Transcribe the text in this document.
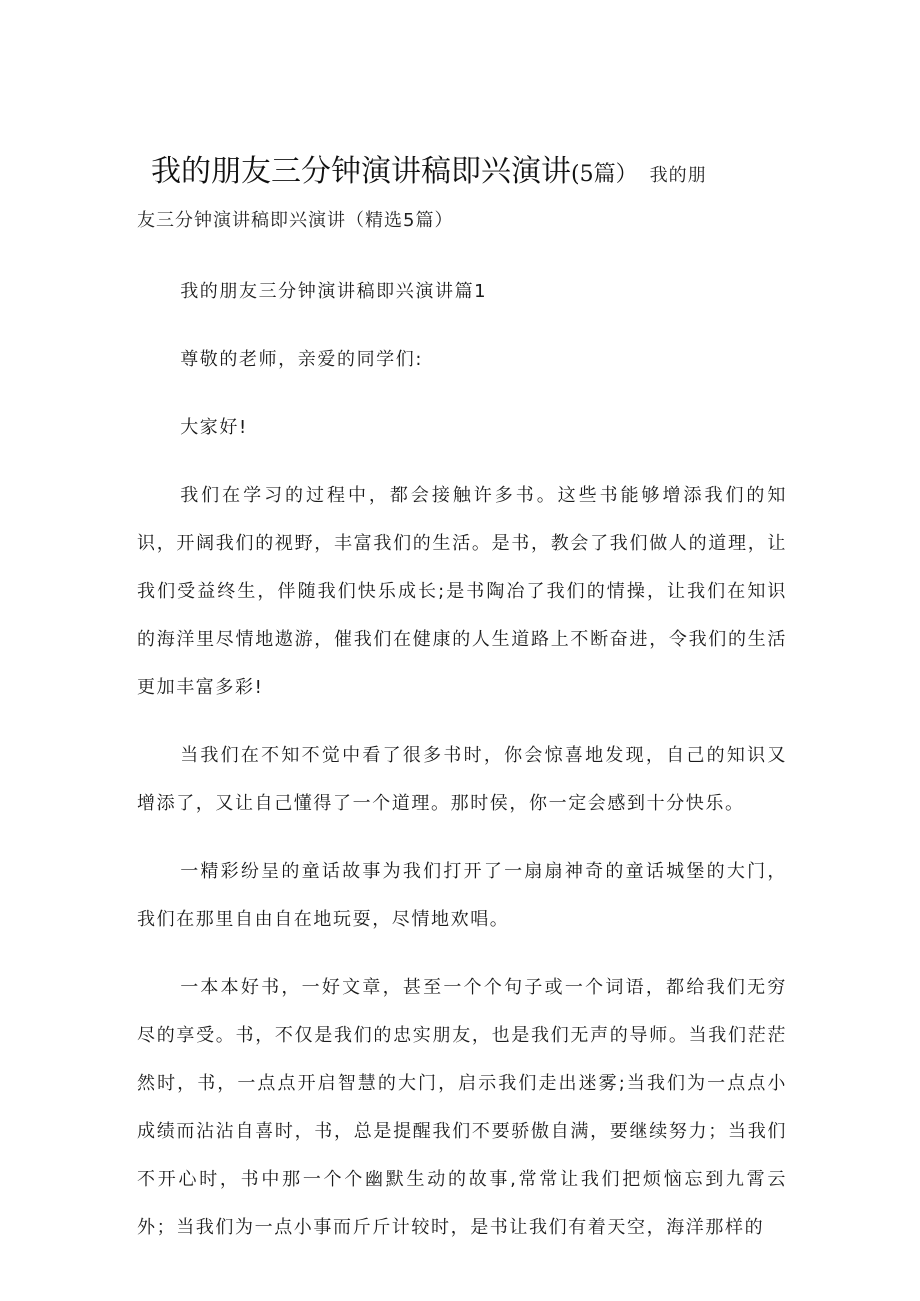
我的朋友三分钟演讲稿即兴演讲(5篇） 我的朋
友三分钟演讲稿即兴演讲（精选5篇）

我的朋友三分钟演讲稿即兴演讲篇1

尊敬的老师，亲爱的同学们:

大家好!

我们在学习的过程中，都会接触许多书。这些书能够增添我们的知识，开阔我们的视野，丰富我们的生活。是书，教会了我们做人的道理，让我们受益终生，伴随我们快乐成长;是书陶冶了我们的情操，让我们在知识的海洋里尽情地遨游，催我们在健康的人生道路上不断奋进，令我们的生活更加丰富多彩!

当我们在不知不觉中看了很多书时，你会惊喜地发现，自己的知识又增添了，又让自己懂得了一个道理。那时侯，你一定会感到十分快乐。

一精彩纷呈的童话故事为我们打开了一扇扇神奇的童话城堡的大门，我们在那里自由自在地玩耍，尽情地欢唱。

一本本好书，一好文章，甚至一个个句子或一个词语，都给我们无穷尽的享受。书，不仅是我们的忠实朋友，也是我们无声的导师。当我们茫茫然时，书，一点点开启智慧的大门，启示我们走出迷雾;当我们为一点点小成绩而沾沾自喜时，书，总是提醒我们不要骄傲自满，要继续努力；当我们不开心时，书中那一个个幽默生动的故事,常常让我们把烦恼忘到九霄云外；当我们为一点小事而斤斤计较时，是书让我们有着天空，海洋那样的
